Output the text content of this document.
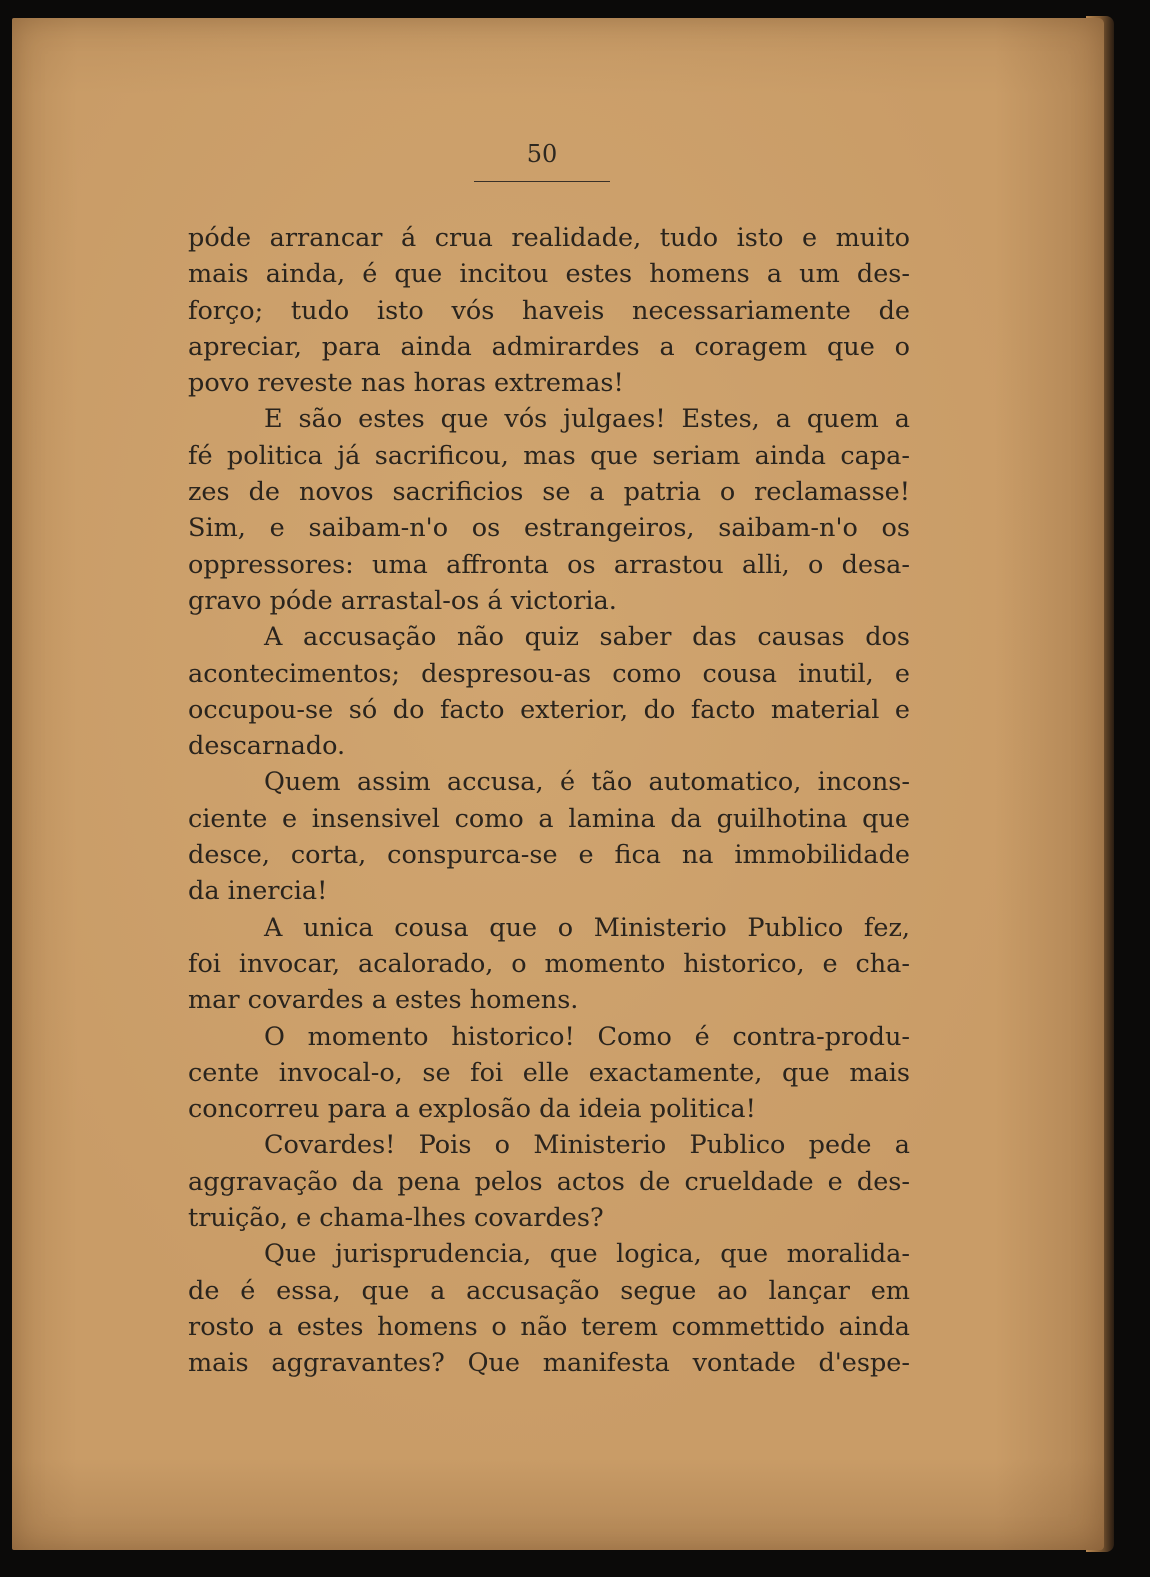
50
póde arrancar á crua realidade, tudo isto e muito
mais ainda, é que incitou estes homens a um des-
forço; tudo isto vós haveis necessariamente de
apreciar, para ainda admirardes a coragem que o
povo reveste nas horas extremas!
E são estes que vós julgaes! Estes, a quem a
fé politica já sacrificou, mas que seriam ainda capa-
zes de novos sacrificios se a patria o reclamasse!
Sim, e saibam-n'o os estrangeiros, saibam-n'o os
oppressores: uma affronta os arrastou alli, o desa-
gravo póde arrastal-os á victoria.
A accusação não quiz saber das causas dos
acontecimentos; despresou-as como cousa inutil, e
occupou-se só do facto exterior, do facto material e
descarnado.
Quem assim accusa, é tão automatico, incons-
ciente e insensivel como a lamina da guilhotina que
desce, corta, conspurca-se e fica na immobilidade
da inercia!
A unica cousa que o Ministerio Publico fez,
foi invocar, acalorado, o momento historico, e cha-
mar covardes a estes homens.
O momento historico! Como é contra-produ-
cente invocal-o, se foi elle exactamente, que mais
concorreu para a explosão da ideia politica!
Covardes! Pois o Ministerio Publico pede a
aggravação da pena pelos actos de crueldade e des-
truição, e chama-lhes covardes?
Que jurisprudencia, que logica, que moralida-
de é essa, que a accusação segue ao lançar em
rosto a estes homens o não terem commettido ainda
mais aggravantes? Que manifesta vontade d'espe-
